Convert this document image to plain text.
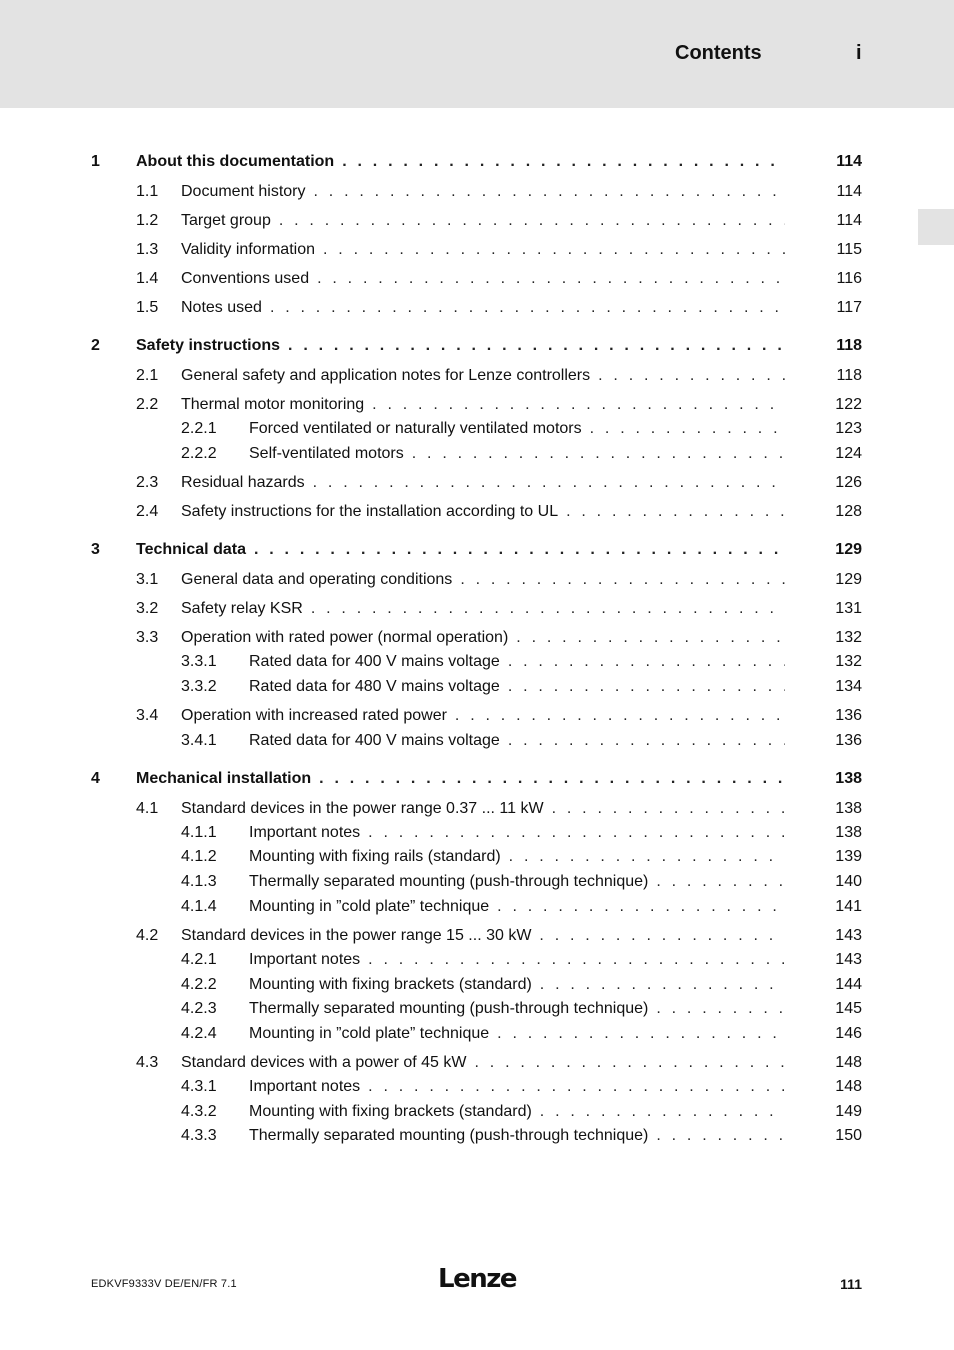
Contents	i
1 About this documentation . . .	114
1.1 Document history . . .	114
1.2 Target group . . .	114
1.3 Validity information . . .	115
1.4 Conventions used . . .	116
1.5 Notes used . . .	117
2 Safety instructions . . .	118
2.1 General safety and application notes for Lenze controllers . . .	118
2.2 Thermal motor monitoring . . .	122
2.2.1 Forced ventilated or naturally ventilated motors . . .	123
2.2.2 Self-ventilated motors . . .	124
2.3 Residual hazards . . .	126
2.4 Safety instructions for the installation according to UL . . .	128
3 Technical data . . .	129
3.1 General data and operating conditions . . .	129
3.2 Safety relay KSR . . .	131
3.3 Operation with rated power (normal operation) . . .	132
3.3.1 Rated data for 400 V mains voltage . . .	132
3.3.2 Rated data for 480 V mains voltage . . .	134
3.4 Operation with increased rated power . . .	136
3.4.1 Rated data for 400 V mains voltage . . .	136
4 Mechanical installation . . .	138
4.1 Standard devices in the power range 0.37 ... 11 kW . . .	138
4.1.1 Important notes . . .	138
4.1.2 Mounting with fixing rails (standard) . . .	139
4.1.3 Thermally separated mounting (push-through technique) . . .	140
4.1.4 Mounting in ”cold plate” technique . . .	141
4.2 Standard devices in the power range 15 ... 30 kW . . .	143
4.2.1 Important notes . . .	143
4.2.2 Mounting with fixing brackets (standard) . . .	144
4.2.3 Thermally separated mounting (push-through technique) . . .	145
4.2.4 Mounting in ”cold plate” technique . . .	146
4.3 Standard devices with a power of 45 kW . . .	148
4.3.1 Important notes . . .	148
4.3.2 Mounting with fixing brackets (standard) . . .	149
4.3.3 Thermally separated mounting (push-through technique) . . .	150
EDKVF9333V DE/EN/FR 7.1	Lenze	111
